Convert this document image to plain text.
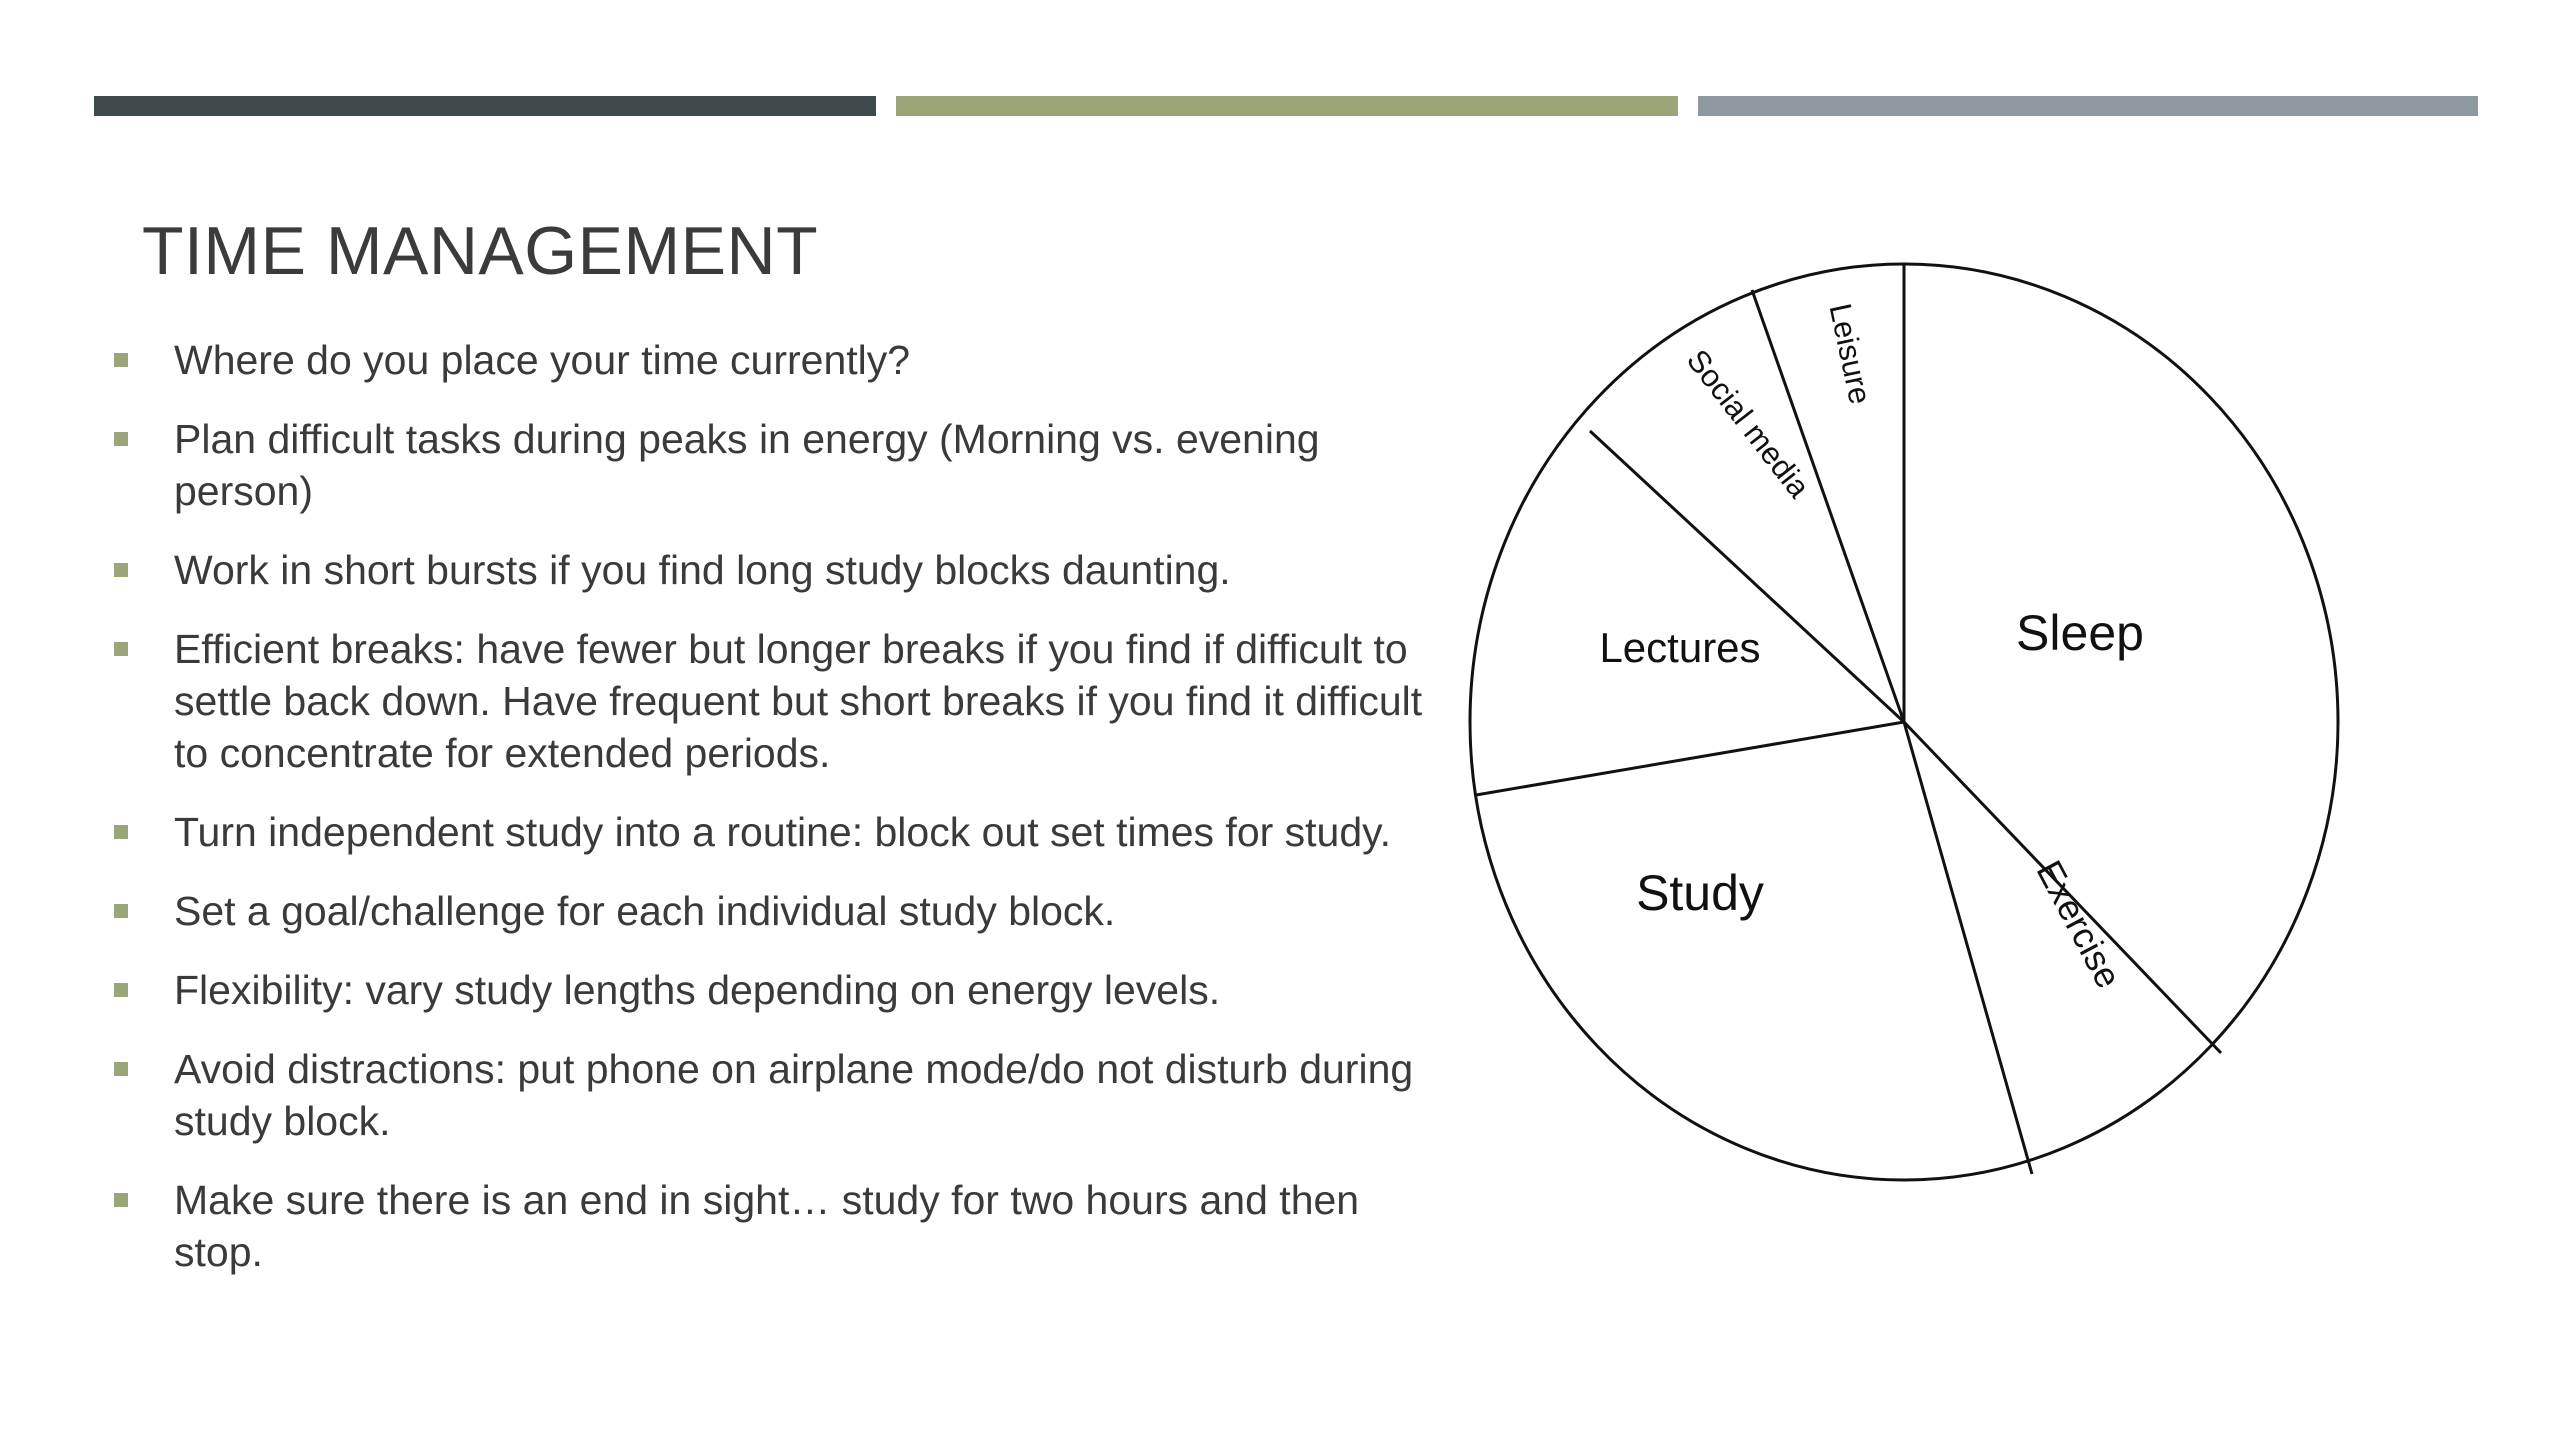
TIME MANAGEMENT
Where do you place your time currently?
Plan difficult tasks during peaks in energy (Morning vs. evening person)
Work in short bursts if you find long study blocks daunting.
Efficient breaks: have fewer but longer breaks if you find if difficult to settle back down. Have frequent but short breaks if you find it difficult to concentrate for extended periods.
Turn independent study into a routine: block out set times for study.
Set a goal/challenge for each individual study block.
Flexibility: vary study lengths depending on energy levels.
Avoid distractions: put phone on airplane mode/do not disturb during study block.
Make sure there is an end in sight… study for two hours and then stop.
Sleep
Lectures
Study	Exercise
Social media Leisure
